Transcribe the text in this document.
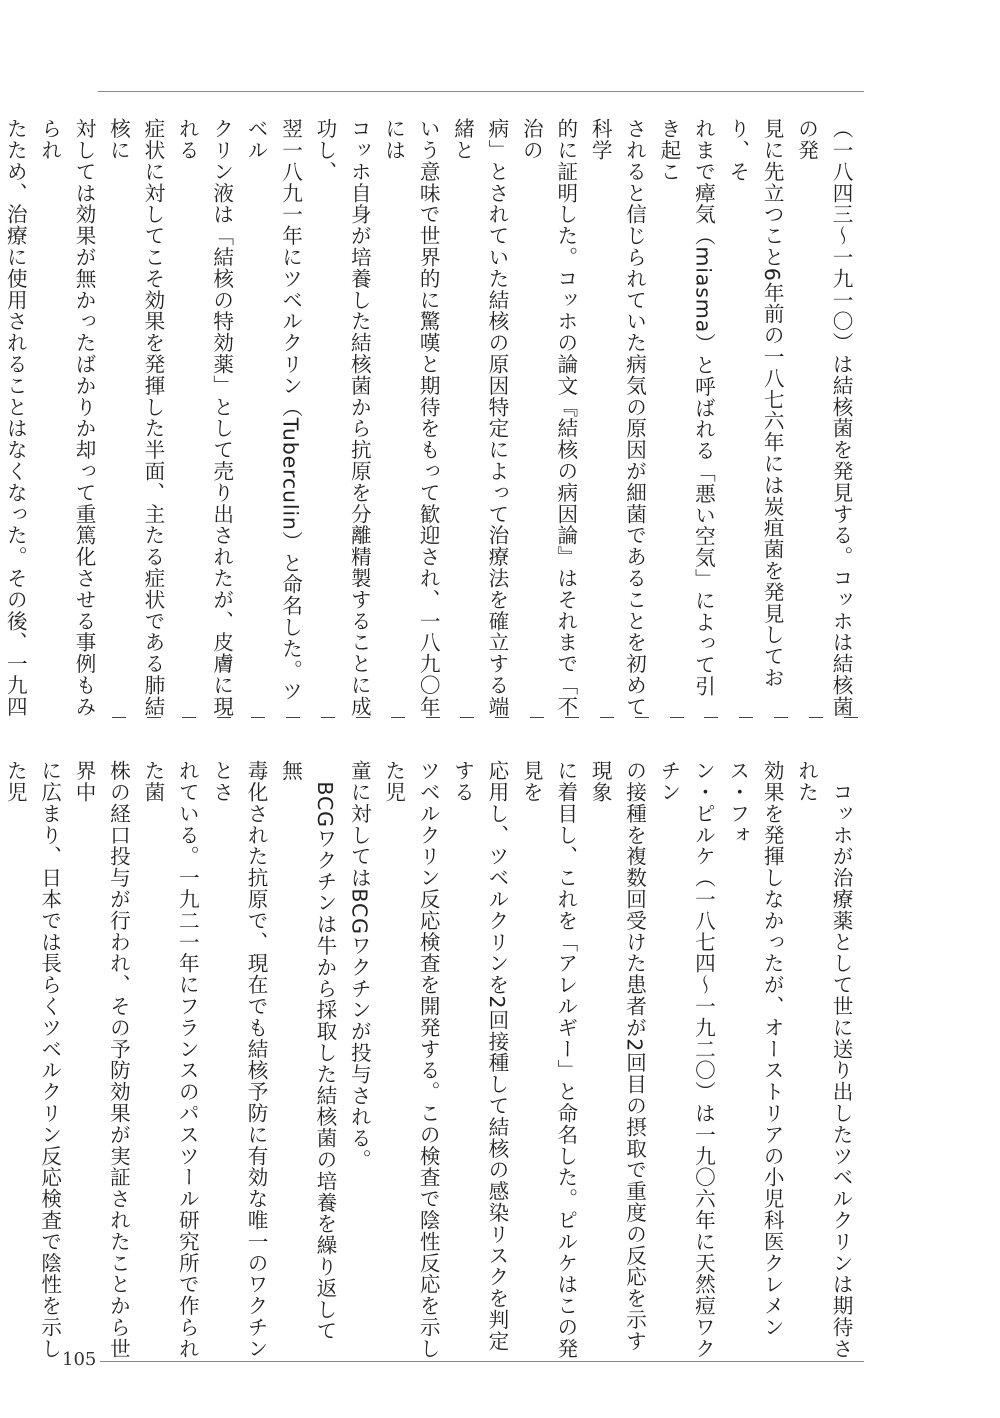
（一八四三〜一九一〇）は結核菌を発見する。コッホは結核菌の発
見に先立つこと6年前の一八七六年には炭疽菌を発見しており、そ
れまで瘴気（miasma）と呼ばれる「悪い空気」によって引き起こ
されると信じられていた病気の原因が細菌であることを初めて科学
的に証明した。コッホの論文『結核の病因論』はそれまで「不治の
病」とされていた結核の原因特定によって治療法を確立する端緒と
いう意味で世界的に驚嘆と期待をもって歓迎され、一八九〇年には
コッホ自身が培養した結核菌から抗原を分離精製することに成功し、
翌一八九一年にツベルクリン（Tuberculin）と命名した。ツベル
クリン液は「結核の特効薬」として売り出されたが、皮膚に現れる
症状に対してこそ効果を発揮した半面、主たる症状である肺結核に
対しては効果が無かったばかりか却って重篤化させる事例もみられ
たため、治療に使用されることはなくなった。その後、一九四

　コッホが治療薬として世に送り出したツベルクリンは期待された
効果を発揮しなかったが、オーストリアの小児科医クレメンス・フォ
ン・ピルケ（一八七四〜一九二〇）は一九〇六年に天然痘ワクチン
の接種を複数回受けた患者が2回目の摂取で重度の反応を示す現象
に着目し、これを「アレルギー」と命名した。ピルケはこの発見を
応用し、ツベルクリンを2回接種して結核の感染リスクを判定する
ツベルクリン反応検査を開発する。この検査で陰性反応を示した児
童に対してはBCGワクチンが投与される。
　BCGワクチンは牛から採取した結核菌の培養を繰り返して無
毒化された抗原で、現在でも結核予防に有効な唯一のワクチンとさ
れている。一九二一年にフランスのパスツール研究所で作られた菌
株の経口投与が行われ、その予防効果が実証されたことから世界中
に広まり、日本では長らくツベルクリン反応検査で陰性を示した児

105
